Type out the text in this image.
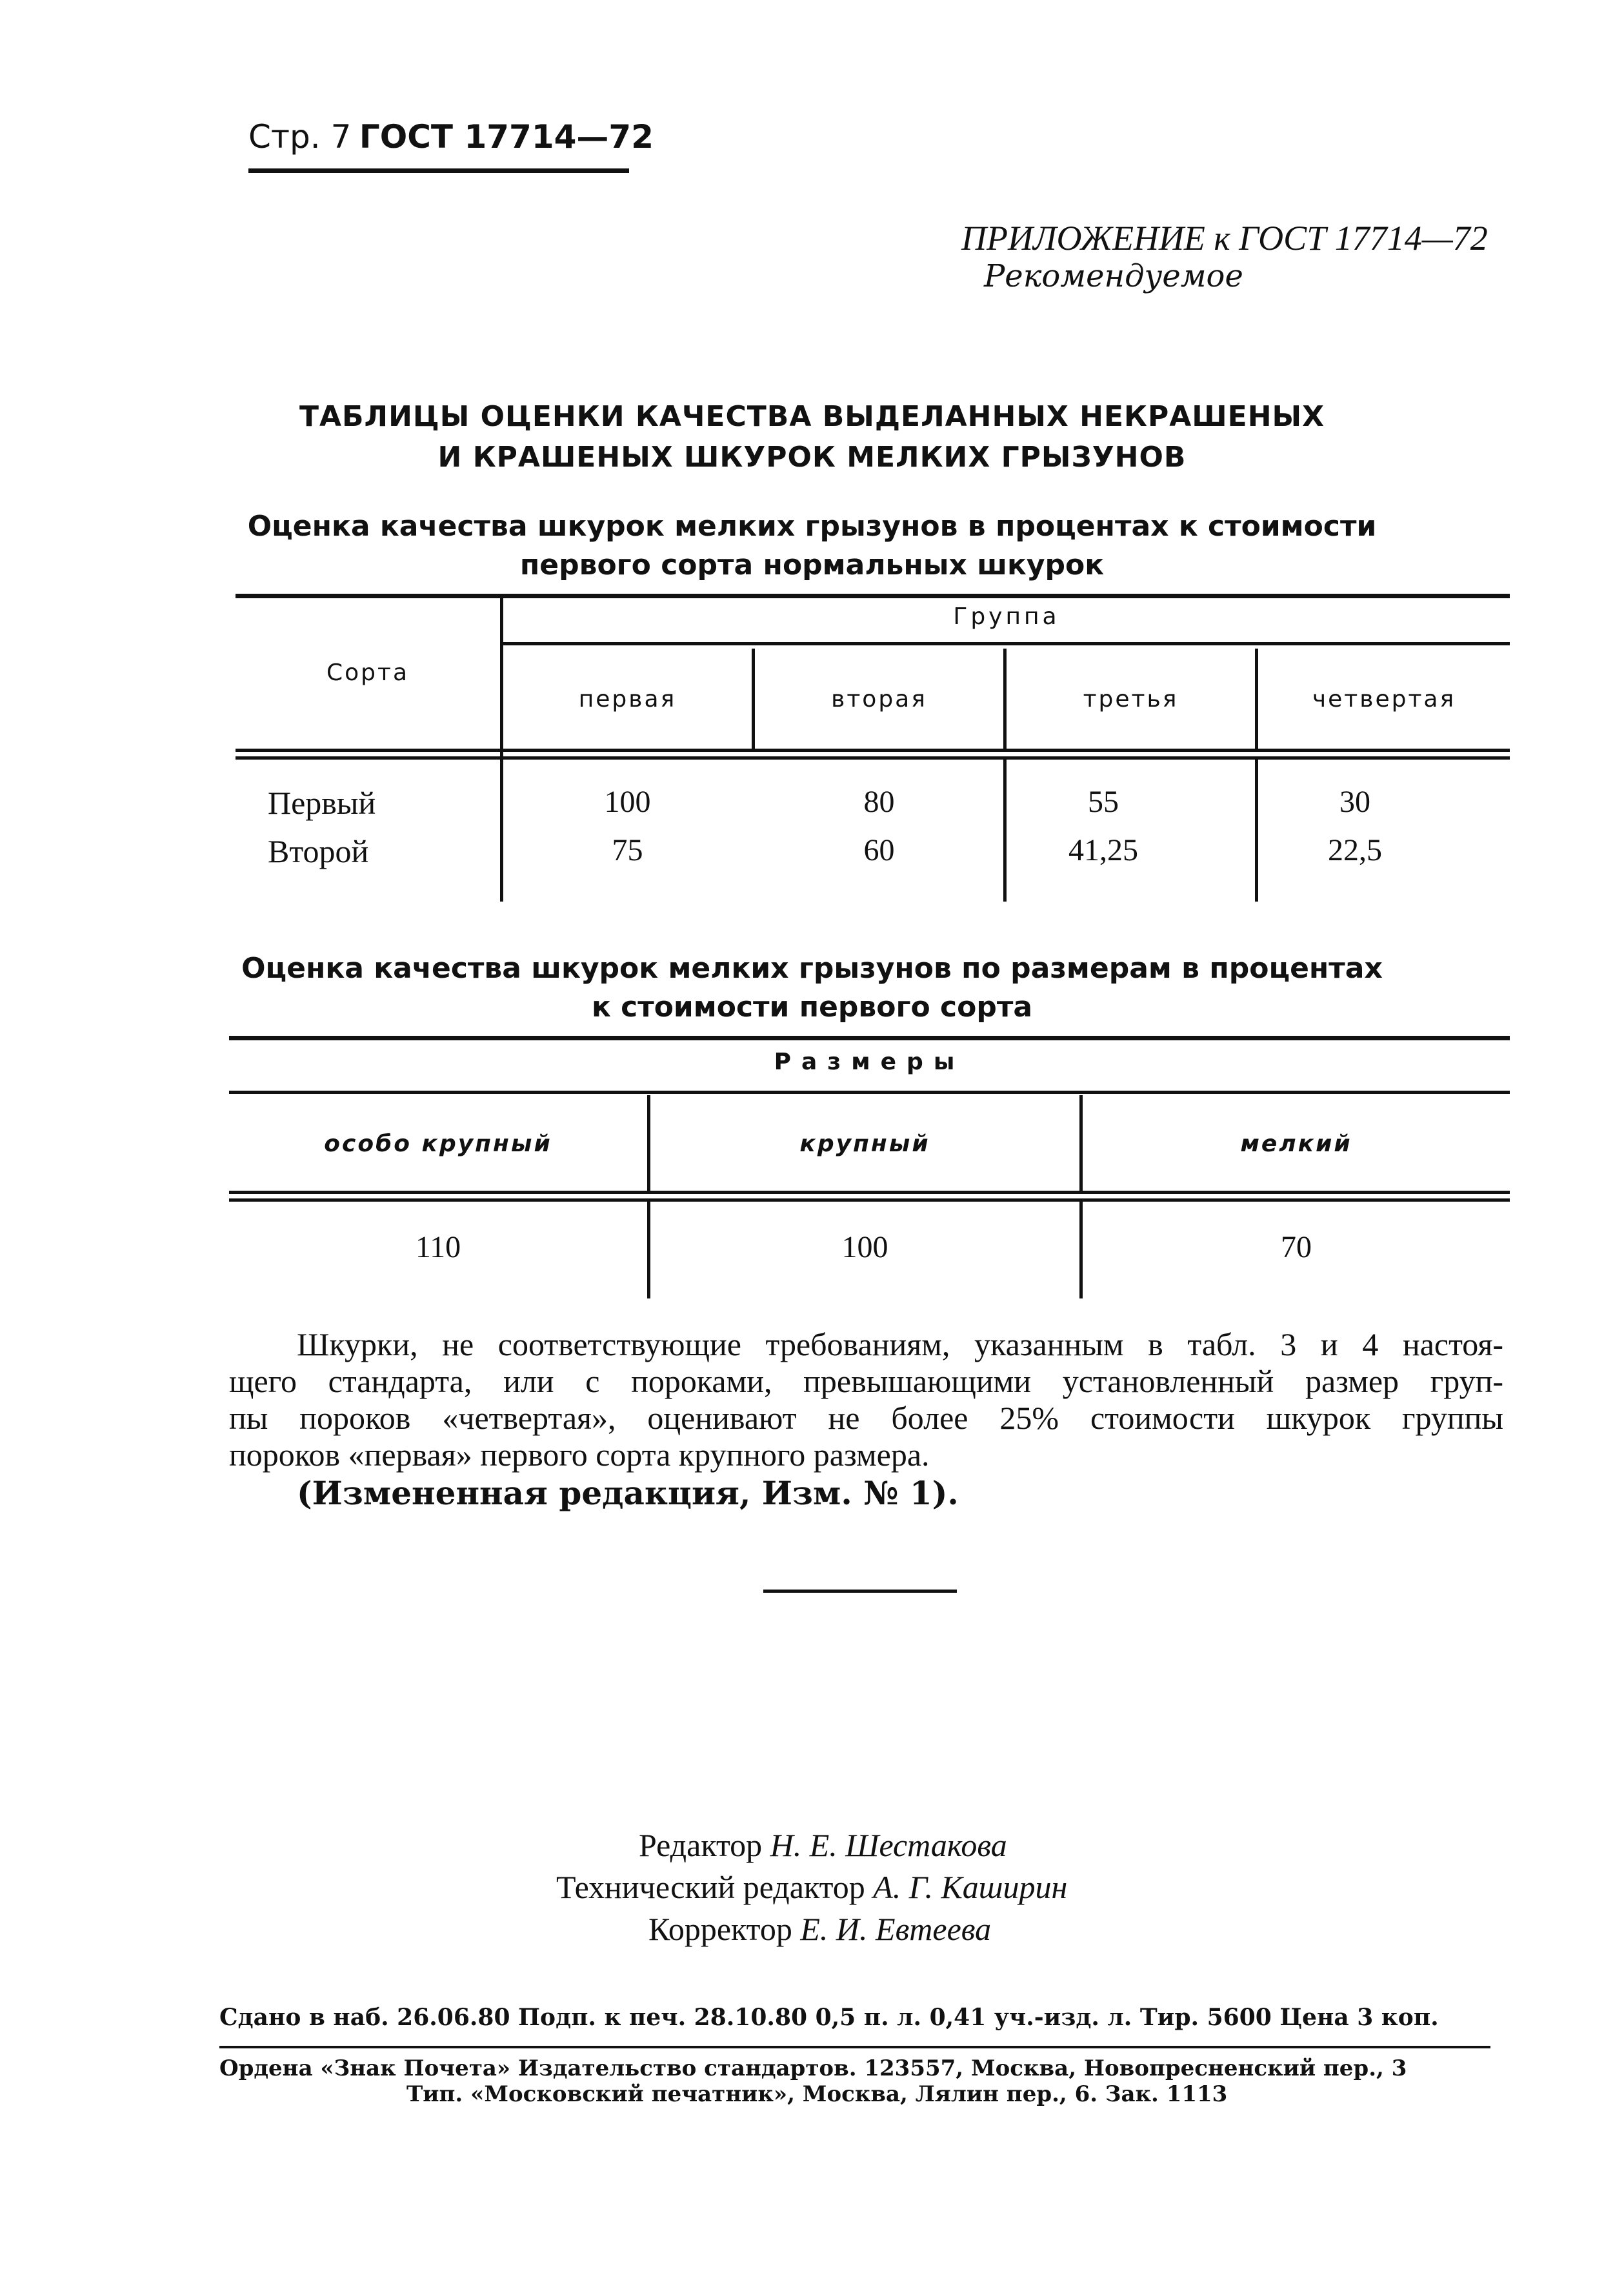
Стр. 7 ГОСТ 17714—72
ПРИЛОЖЕНИЕ к ГОСТ 17714—72
Рекомендуемое
ТАБЛИЦЫ ОЦЕНКИ КАЧЕСТВА ВЫДЕЛАННЫХ НЕКРАШЕНЫХ
И КРАШЕНЫХ ШКУРОК МЕЛКИХ ГРЫЗУНОВ
Оценка качества шкурок мелких грызунов в процентах к стоимости
первого сорта нормальных шкурок
Сорта
Группа
первая	вторая	третья	четвертая
Первый	100	80	55	30
Второй	75	60	41,25	22,5
Оценка качества шкурок мелких грызунов по размерам в процентах
к стоимости первого сорта
Размеры
особо крупный	крупный	мелкий
110	100	70
Шкурки, не соответствующие требованиям, указанным в табл. 3 и 4 настоя-
щего стандарта, или с пороками, превышающими установленный размер груп-
пы пороков «четвертая», оценивают не более 25% стоимости шкурок группы
пороков «первая» первого сорта крупного размера.
(Измененная редакция, Изм. № 1).
Редактор Н. Е. Шестакова
Технический редактор А. Г. Каширин
Корректор Е. И. Евтеева
Сдано в наб. 26.06.80 Подп. к печ. 28.10.80 0,5 п. л. 0,41 уч.-изд. л. Тир. 5600 Цена 3 коп.
Ордена «Знак Почета» Издательство стандартов. 123557, Москва, Новопресненский пер., 3
Тип. «Московский печатник», Москва, Лялин пер., 6. Зак. 1113
